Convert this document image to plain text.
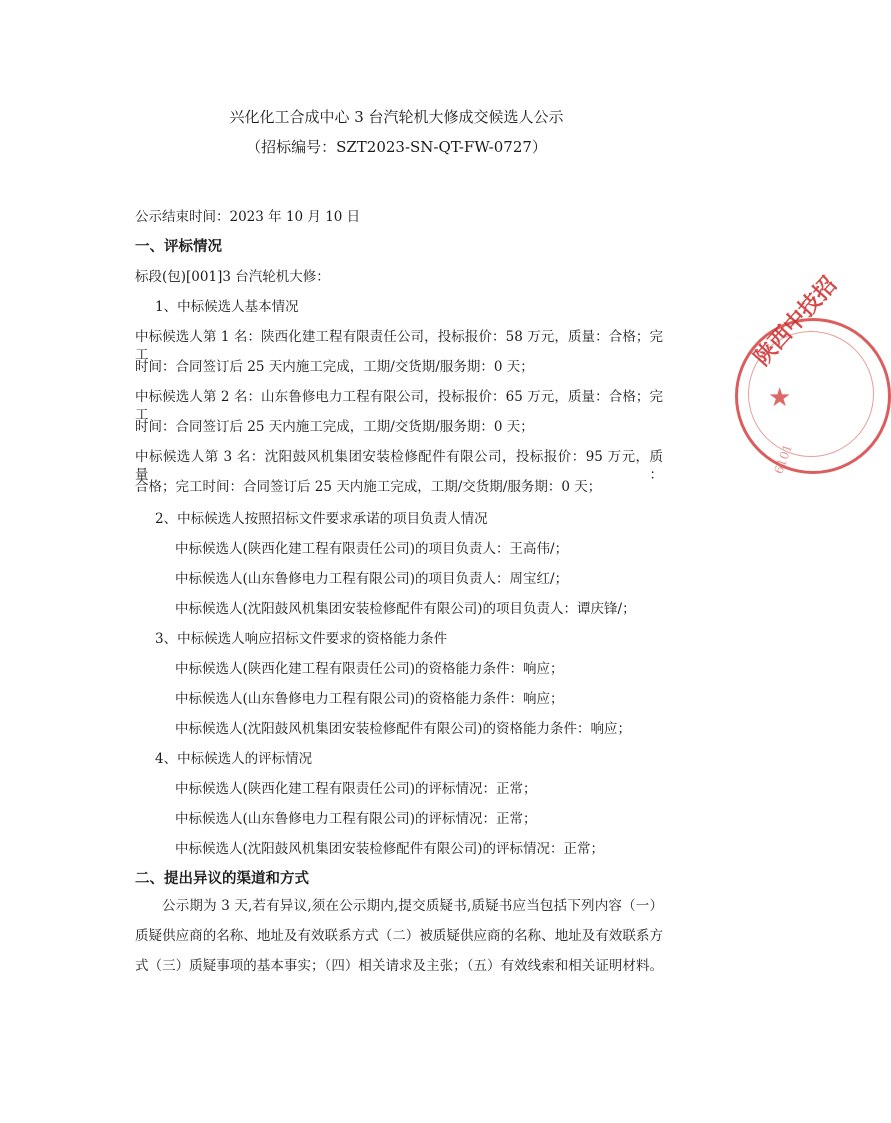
兴化化工合成中心 3 台汽轮机大修成交候选人公示
（招标编号：SZT2023-SN-QT-FW-0727）
公示结束时间：2023 年 10 月 10 日
一、评标情况
标段(包)[001]3 台汽轮机大修：
1、中标候选人基本情况
中标候选人第 1 名：陕西化建工程有限责任公司，投标报价：58 万元，质量：合格；完工
时间：合同签订后 25 天内施工完成，工期/交货期/服务期：0 天；
中标候选人第 2 名：山东鲁修电力工程有限公司，投标报价：65 万元，质量：合格；完工
时间：合同签订后 25 天内施工完成，工期/交货期/服务期：0 天；
中标候选人第 3 名：沈阳鼓风机集团安装检修配件有限公司，投标报价：95 万元，质量：
合格；完工时间：合同签订后 25 天内施工完成，工期/交货期/服务期：0 天；
2、中标候选人按照招标文件要求承诺的项目负责人情况
中标候选人(陕西化建工程有限责任公司)的项目负责人：王高伟/；
中标候选人(山东鲁修电力工程有限公司)的项目负责人：周宝红/；
中标候选人(沈阳鼓风机集团安装检修配件有限公司)的项目负责人：谭庆锋/；
3、中标候选人响应招标文件要求的资格能力条件
中标候选人(陕西化建工程有限责任公司)的资格能力条件：响应；
中标候选人(山东鲁修电力工程有限公司)的资格能力条件：响应；
中标候选人(沈阳鼓风机集团安装检修配件有限公司)的资格能力条件：响应；
4、中标候选人的评标情况
中标候选人(陕西化建工程有限责任公司)的评标情况：正常；
中标候选人(山东鲁修电力工程有限公司)的评标情况：正常；
中标候选人(沈阳鼓风机集团安装检修配件有限公司)的评标情况：正常；
二、提出异议的渠道和方式
公示期为 3 天,若有异议,须在公示期内,提交质疑书,质疑书应当包括下列内容（一）
质疑供应商的名称、地址及有效联系方式（二）被质疑供应商的名称、地址及有效联系方
式（三）质疑事项的基本事实；（四）相关请求及主张；（五）有效线索和相关证明材料。
陕西中技招
★
6101
